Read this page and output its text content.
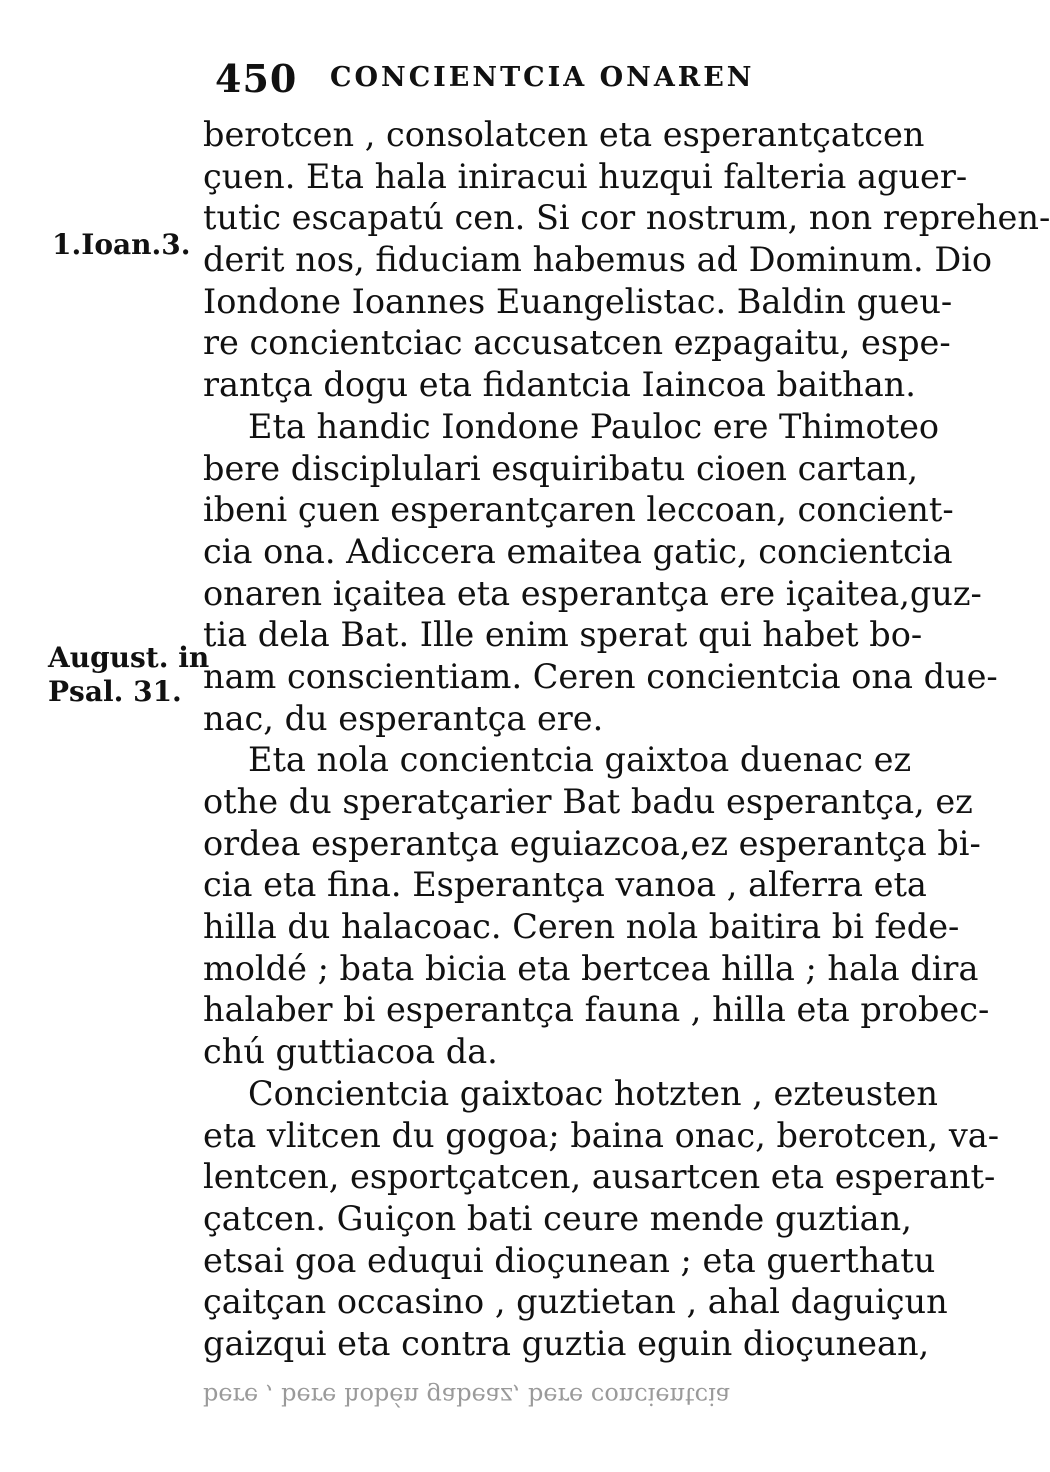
450 CONCIENTCIA ONAREN
1.Ioan.3.
August. in
Psal. 31.
berotcen , consolatcen eta esperantçatcen
çuen. Eta hala iniracui huzqui falteria aguer-
tutic escapatú cen. Si cor nostrum, non reprehen-
derit nos, fiduciam habemus ad Dominum. Dio
Iondone Ioannes Euangelistac. Baldin gueu-
re concientciac accusatcen ezpagaitu, espe-
rantça dogu eta fidantcia Iaincoa baithan.
Eta handic Iondone Pauloc ere Thimoteo
bere disciplulari esquiribatu cioen cartan,
ibeni çuen esperantçaren leccoan, concient-
cia ona. Adiccera emaitea gatic, concientcia
onaren içaitea eta esperantça ere içaitea,guz-
tia dela Bat. Ille enim sperat qui habet bo-
nam conscientiam. Ceren concientcia ona due-
nac, du esperantça ere.
Eta nola concientcia gaixtoa duenac ez
othe du speratçarier Bat badu esperantça, ez
ordea esperantça eguiazcoa,ez esperantça bi-
cia eta fina. Esperantça vanoa , alferra eta
hilla du halacoac. Ceren nola baitira bi fede-
moldé ; bata bicia eta bertcea hilla ; hala dira
halaber bi esperantça fauna , hilla eta probec-
chú guttiacoa da.
Concientcia gaixtoac hotzten , ezteusten
eta vlitcen du gogoa; baina onac, berotcen, va-
lentcen, esportçatcen, ausartcen eta esperant-
çatcen. Guiçon bati ceure mende guztian,
etsai goa eduqui dioçunean ; eta guerthatu
çaitçan occasino , guztietan , ahal daguiçun
gaizqui eta contra guztia eguin dioçunean,
bere , bere hobén gabeaz, bere concientcia
